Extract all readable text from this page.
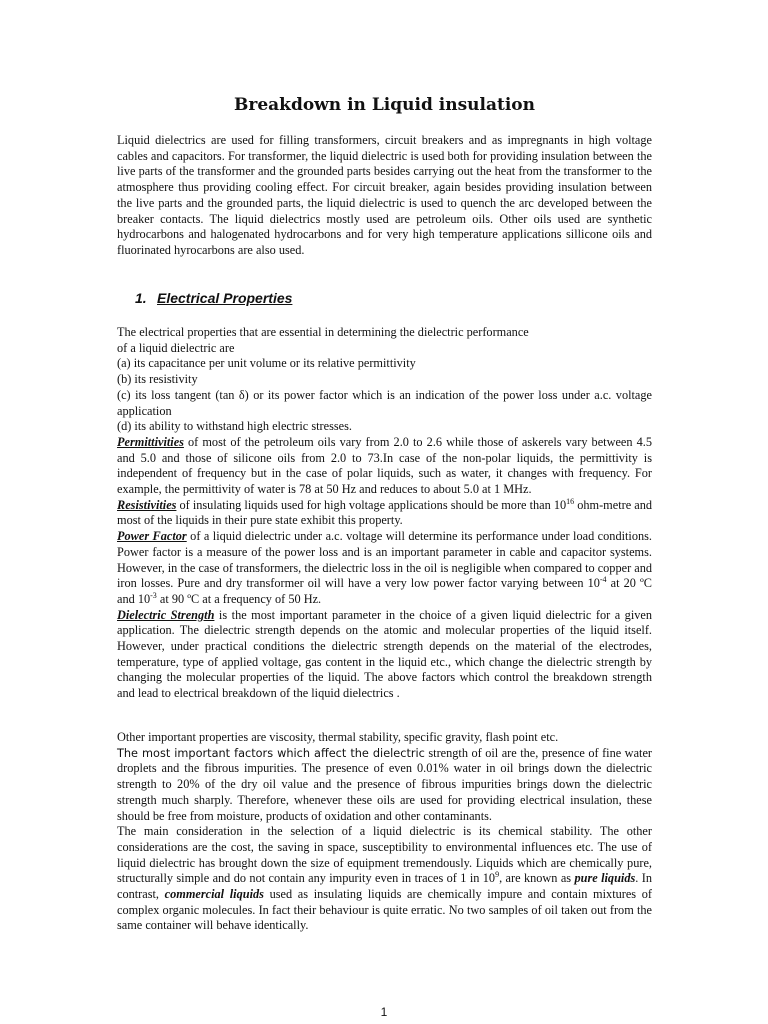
Breakdown in Liquid insulation

Liquid dielectrics are used for filling transformers, circuit breakers and as impregnants in high voltage cables and capacitors. For transformer, the liquid dielectric is used both for providing insulation between the live parts of the transformer and the grounded parts besides carrying out the heat from the transformer to the atmosphere thus providing cooling effect. For circuit breaker, again besides providing insulation between the live parts and the grounded parts, the liquid dielectric is used to quench the arc developed between the breaker contacts. The liquid dielectrics mostly used are petroleum oils. Other oils used are synthetic hydrocarbons and halogenated hydrocarbons and for very high temperature applications sillicone oils and fluorinated hyrocarbons are also used.

1. Electrical Properties
The electrical properties that are essential in determining the dielectric performance
of a liquid dielectric are
(a) its capacitance per unit volume or its relative permittivity
(b) its resistivity

(c) its loss tangent (tan δ) or its power factor which is an indication of the power loss under a.c. voltage application

(d) its ability to withstand high electric stresses.

Permittivities of most of the petroleum oils vary from 2.0 to 2.6 while those of askerels vary between 4.5 and 5.0 and those of silicone oils from 2.0 to 73.In case of the non-polar liquids, the permittivity is independent of frequency but in the case of polar liquids, such as water, it changes with frequency. For example, the permittivity of water is 78 at 50 Hz and reduces to about 5.0 at 1 MHz.

Resistivities of insulating liquids used for high voltage applications should be more than $10^{16}$ ohm-metre and most of the liquids in their pure state exhibit this property.

Power Factor of a liquid dielectric under a.c. voltage will determine its performance under load conditions. Power factor is a measure of the power loss and is an important parameter in cable and capacitor systems. However, in the case of transformers, the dielectric loss in the oil is negligible when compared to copper and iron losses. Pure and dry transformer oil will have a very low power factor varying between $10^{-4}$ at 20 ºC and $10^{-3}$ at 90 ºC at a frequency of 50 Hz.

Dielectric Strength is the most important parameter in the choice of a given liquid dielectric for a given application. The dielectric strength depends on the atomic and molecular properties of the liquid itself. However, under practical conditions the dielectric strength depends on the material of the electrodes, temperature, type of applied voltage, gas content in the liquid etc., which change the dielectric strength by changing the molecular properties of the liquid. The above factors which control the breakdown strength and lead to electrical breakdown of the liquid dielectrics .

Other important properties are viscosity, thermal stability, specific gravity, flash point etc.

The most important factors which affect the dielectric strength of oil are the, presence of fine water droplets and the fibrous impurities. The presence of even 0.01% water in oil brings down the dielectric strength to 20% of the dry oil value and the presence of fibrous impurities brings down the dielectric strength much sharply. Therefore, whenever these oils are used for providing electrical insulation, these should be free from moisture, products of oxidation and other contaminants.

The main consideration in the selection of a liquid dielectric is its chemical stability. The other considerations are the cost, the saving in space, susceptibility to environmental influences etc. The use of liquid dielectric has brought down the size of equipment tremendously. Liquids which are chemically pure, structurally simple and do not contain any impurity even in traces of 1 in $10^9$, are known as pure liquids. In contrast, commercial liquids used as insulating liquids are chemically impure and contain mixtures of complex organic molecules. In fact their behaviour is quite erratic. No two samples of oil taken out from the same container will behave identically.

1
